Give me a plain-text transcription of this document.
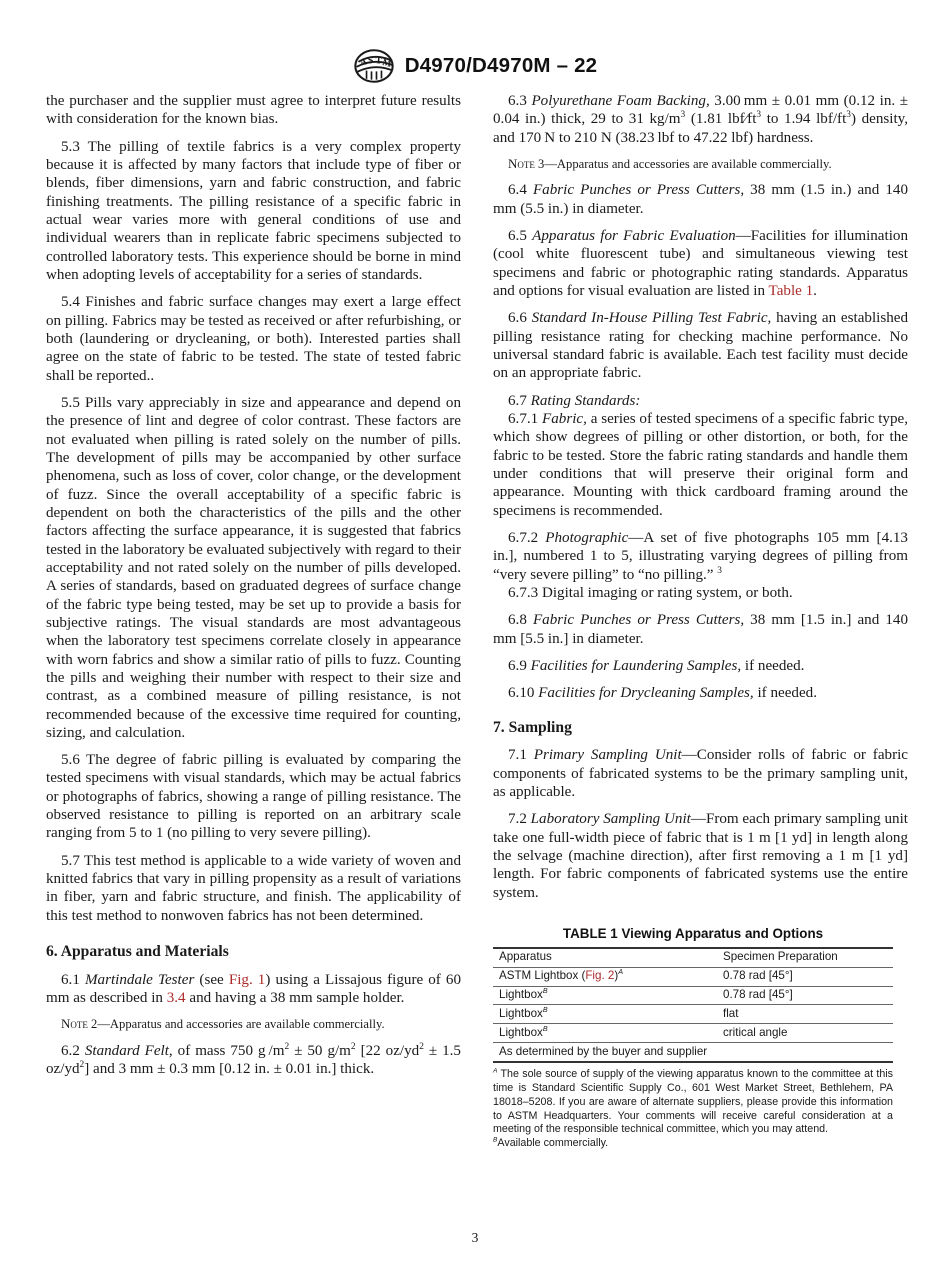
A S T M D4970/D4970M – 22

the purchaser and the supplier must agree to interpret future results with consideration for the known bias.

5.3 The pilling of textile fabrics is a very complex property because it is affected by many factors that include type of fiber or blends, fiber dimensions, yarn and fabric construction, and fabric finishing treatments. The pilling resistance of a specific fabric in actual wear varies more with general conditions of use and individual wearers than in replicate fabric specimens subjected to controlled laboratory tests. This experience should be borne in mind when adopting levels of acceptability for a series of standards.

5.4 Finishes and fabric surface changes may exert a large effect on pilling. Fabrics may be tested as received or after refurbishing, or both (laundering or drycleaning, or both). Interested parties shall agree on the state of fabric to be tested. The state of tested fabric shall be reported..

5.5 Pills vary appreciably in size and appearance and depend on the presence of lint and degree of color contrast. These factors are not evaluated when pilling is rated solely on the number of pills. The development of pills may be accompanied by other surface phenomena, such as loss of cover, color change, or the development of fuzz. Since the overall acceptability of a specific fabric is dependent on both the characteristics of the pills and the other factors affecting the surface appearance, it is suggested that fabrics tested in the laboratory be evaluated subjectively with regard to their acceptability and not rated solely on the number of pills developed. A series of standards, based on graduated degrees of surface change of the fabric type being tested, may be set up to provide a basis for subjective ratings. The visual standards are most advantageous when the laboratory test specimens correlate closely in appearance with worn fabrics and show a similar ratio of pills to fuzz. Counting the pills and weighing their number with respect to their size and contrast, as a combined measure of pilling resistance, is not recommended because of the excessive time required for counting, sizing, and calculation.

5.6 The degree of fabric pilling is evaluated by comparing the tested specimens with visual standards, which may be actual fabrics or photographs of fabrics, showing a range of pilling resistance. The observed resistance to pilling is reported on an arbitrary scale ranging from 5 to 1 (no pilling to very severe pilling).

5.7 This test method is applicable to a wide variety of woven and knitted fabrics that vary in pilling propensity as a result of variations in fiber, yarn and fabric structure, and finish. The applicability of this test method to nonwoven fabrics has not been determined.

6. Apparatus and Materials

6.1 Martindale Tester (see Fig. 1) using a Lissajous figure of 60 mm as described in 3.4 and having a 38 mm sample holder.

Note 2—Apparatus and accessories are available commercially.

6.2 Standard Felt, of mass 750 g $/m^2 \pm 50$ $g/m^2$ [22 $oz/yd^2 \pm 1.5$ $oz/yd^2$] and 3 mm ± 0.3 mm [0.12 in. ± 0.01 in.] thick.

6.3 Polyurethane Foam Backing, 3.00 mm ± 0.01 mm (0.12 in. ± 0.04 in.) thick, 29 to 31 $kg/m^3$ (1.81 $lbf⁄ft^3$ to 1.94 lbf/$ft^3$) density, and 170 N to 210 N (38.23 lbf to 47.22 lbf) hardness.

Note 3—Apparatus and accessories are available commercially.

6.4 Fabric Punches or Press Cutters, 38 mm (1.5 in.) and 140 mm (5.5 in.) in diameter.

6.5 Apparatus for Fabric Evaluation—Facilities for illumination (cool white fluorescent tube) and simultaneous viewing test specimens and fabric or photographic rating standards. Apparatus and options for visual evaluation are listed in Table 1.

6.6 Standard In-House Pilling Test Fabric, having an established pilling resistance rating for checking machine performance. No universal standard fabric is available. Each test facility must decide on an appropriate fabric.

6.7 Rating Standards:

6.7.1 Fabric, a series of tested specimens of a specific fabric type, which show degrees of pilling or other distortion, or both, for the fabric to be tested. Store the fabric rating standards and handle them under conditions that will preserve their original form and appearance. Mounting with thick cardboard framing around the specimens is recommended.

6.7.2 Photographic—A set of five photographs 105 mm [4.13 in.], numbered 1 to 5, illustrating varying degrees of pilling from “very severe pilling” to “no pilling.” $^3$

6.7.3 Digital imaging or rating system, or both.

6.8 Fabric Punches or Press Cutters, 38 mm [1.5 in.] and 140 mm [5.5 in.] in diameter.

6.9 Facilities for Laundering Samples, if needed.

6.10 Facilities for Drycleaning Samples, if needed.

7. Sampling

7.1 Primary Sampling Unit—Consider rolls of fabric or fabric components of fabricated systems to be the primary sampling unit, as applicable.

7.2 Laboratory Sampling Unit—From each primary sampling unit take one full-width piece of fabric that is 1 m [1 yd] in length along the selvage (machine direction), after first removing a 1 m [1 yd] length. For fabric components of fabricated systems use the entire system.

TABLE 1 Viewing Apparatus and Options
Apparatus	Specimen Preparation
ASTM Lightbox (Fig. 2)$^A$	0.78 rad [45°]
Lightbox$^B$	0.78 rad [45°]
Lightbox$^B$	flat
Lightbox$^B$	critical angle
As determined by the buyer and supplier	

$^A$ The sole source of supply of the viewing apparatus known to the committee at this time is Standard Scientific Supply Co., 601 West Market Street, Bethlehem, PA 18018–5208. If you are aware of alternate suppliers, please provide this information to ASTM Headquarters. Your comments will receive careful consideration at a meeting of the responsible technical committee, which you may attend.

$^B$Available commercially.

3
